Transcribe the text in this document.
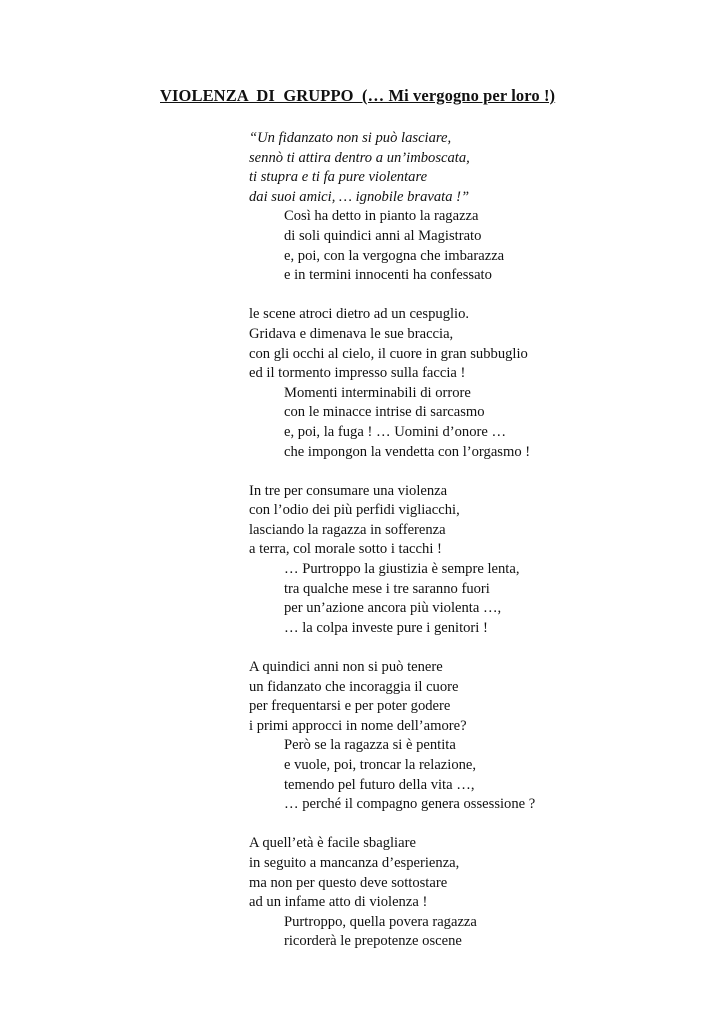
VIOLENZA  DI  GRUPPO  (… Mi vergogno per loro !)
“Un fidanzato non si può lasciare,
sennò ti attira dentro a un’imboscata,
ti stupra e ti fa pure violentare
dai suoi amici, … ignobile bravata !”
Così ha detto in pianto la ragazza
di soli quindici anni al Magistrato
e, poi, con la vergogna che imbarazza
e in termini innocenti ha confessato
le scene atroci dietro ad un cespuglio.
Gridava e dimenava le sue braccia,
con gli occhi al cielo, il cuore in gran subbuglio
ed il tormento impresso sulla faccia !
Momenti interminabili di orrore
con le minacce intrise di sarcasmo
e, poi, la fuga ! … Uomini d’onore …
che impongon la vendetta con l’orgasmo !
In tre per consumare una violenza
con l’odio dei più perfidi vigliacchi,
lasciando la ragazza in sofferenza
a terra, col morale sotto i tacchi !
… Purtroppo la giustizia è sempre lenta,
tra qualche mese i tre saranno fuori
per un’azione ancora più violenta …,
… la colpa investe pure i genitori !
A quindici anni non si può tenere
un fidanzato che incoraggia il cuore
per frequentarsi e per poter godere
i primi approcci in nome dell’amore?
Però se la ragazza si è pentita
e vuole, poi, troncar la relazione,
temendo pel futuro della vita …,
… perché il compagno genera ossessione ?
A quell’età è facile sbagliare
in seguito a mancanza d’esperienza,
ma non per questo deve sottostare
ad un infame atto di violenza !
Purtroppo, quella povera ragazza
ricorderà le prepotenze oscene
